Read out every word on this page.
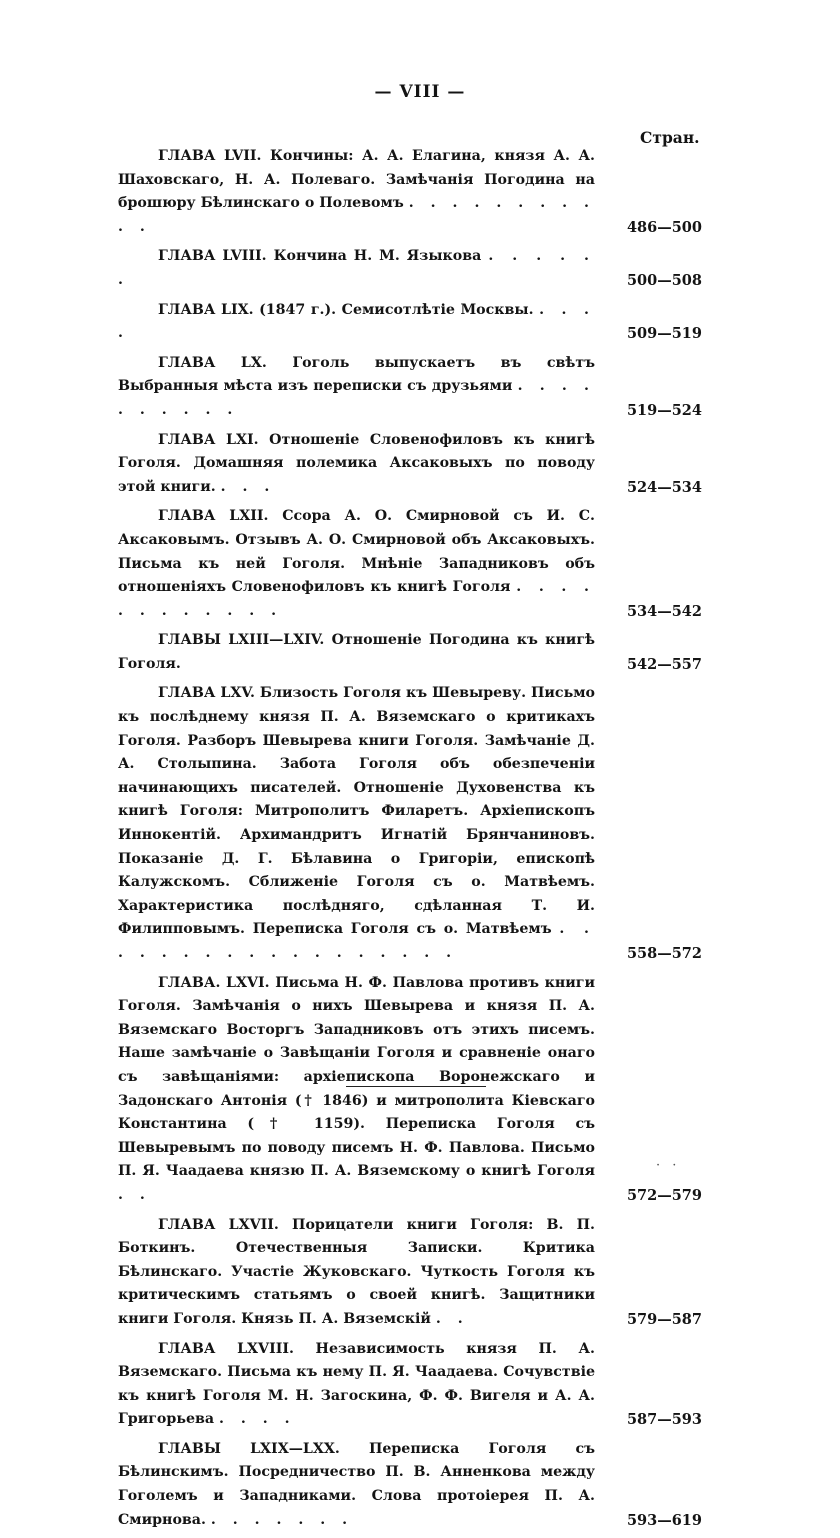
— VIII —
Стран.
ГЛАВА LVII. Кончины: А. А. Елагина, князя А. А. Шаховскаго, Н. А. Полеваго. Замѣчанія Погодина на брошюру Бѣлинскаго о Полевомъ . . . . . . . . . . .	486—500
ГЛАВА LVIII. Кончина Н. М. Языкова . . . . . .	500—508
ГЛАВА LIX. (1847 г.). Семисотлѣтіе Москвы. . . . .	509—519
ГЛАВА LX. Гоголь выпускаетъ въ свѣтъ Выбранныя мѣста изъ переписки съ друзьями . . . . . . . . . .	519—524
ГЛАВА LXI. Отношеніе Словенофиловъ къ книгѣ Гоголя. Домашняя полемика Аксаковыхъ по поводу этой книги. . . .	524—534
ГЛАВА LXII. Ссора А. О. Смирновой съ И. С. Аксаковымъ. Отзывъ А. О. Смирновой объ Аксаковыхъ. Письма къ ней Гоголя. Мнѣніе Западниковъ объ отношеніяхъ Словенофиловъ къ книгѣ Гоголя . . . . . . . . . . . .	534—542
ГЛАВЫ LXIII—LXIV. Отношеніе Погодина къ книгѣ Гоголя.	542—557
ГЛАВА LXV. Близость Гоголя къ Шевыреву. Письмо къ послѣднему князя П. А. Вяземскаго о критикахъ Гоголя. Разборъ Шевырева книги Гоголя. Замѣчаніе Д. А. Столыпина. Забота Гоголя объ обезпеченіи начинающихъ писателей. Отношеніе Духовенства къ книгѣ Гоголя: Митрополитъ Филаретъ. Архіепископъ Иннокентій. Архимандритъ Игнатій Брянчаниновъ. Показаніе Д. Г. Бѣлавина о Григоріи, епископѣ Калужскомъ. Сближеніе Гоголя съ о. Матвѣемъ. Характеристика послѣдняго, сдѣланная Т. И. Филипповымъ. Переписка Гоголя съ о. Матвѣемъ . . . . . . . . . . . . . . . . . .	558—572
ГЛАВА. LXVI. Письма Н. Ф. Павлова противъ книги Гоголя. Замѣчанія о нихъ Шевырева и князя П. А. Вяземскаго Восторгъ Западниковъ отъ этихъ писемъ. Наше замѣчаніе о Завѣщаніи Гоголя и сравненіе онаго съ завѣщаніями: архіепископа Воронежскаго и Задонскаго Антонія († 1846) и митрополита Кіевскаго Константина († 1159). Переписка Гоголя съ Шевыревымъ по поводу писемъ Н. Ф. Павлова. Письмо П. Я. Чаадаева князю П. А. Вяземскому о книгѣ Гоголя . .	572—579
ГЛАВА LXVII. Порицатели книги Гоголя: В. П. Боткинъ. Отечественныя Записки. Критика Бѣлинскаго. Участіе Жуковскаго. Чуткость Гоголя къ критическимъ статьямъ о своей книгѣ. Защитники книги Гоголя. Князь П. А. Вяземскій . .	579—587
ГЛАВА LXVIII. Независимость князя П. А. Вяземскаго. Письма къ нему П. Я. Чаадаева. Сочувствіе къ книгѣ Гоголя М. Н. Загоскина, Ф. Ф. Вигеля и А. А. Григорьева . . . .	587—593
ГЛАВЫ LXIX—LXX. Переписка Гоголя съ Бѣлинскимъ. Посредничество П. В. Анненкова между Гоголемъ и Западниками. Слова протоіерея П. А. Смирнова. . . . . . . .	593—619
· ·
